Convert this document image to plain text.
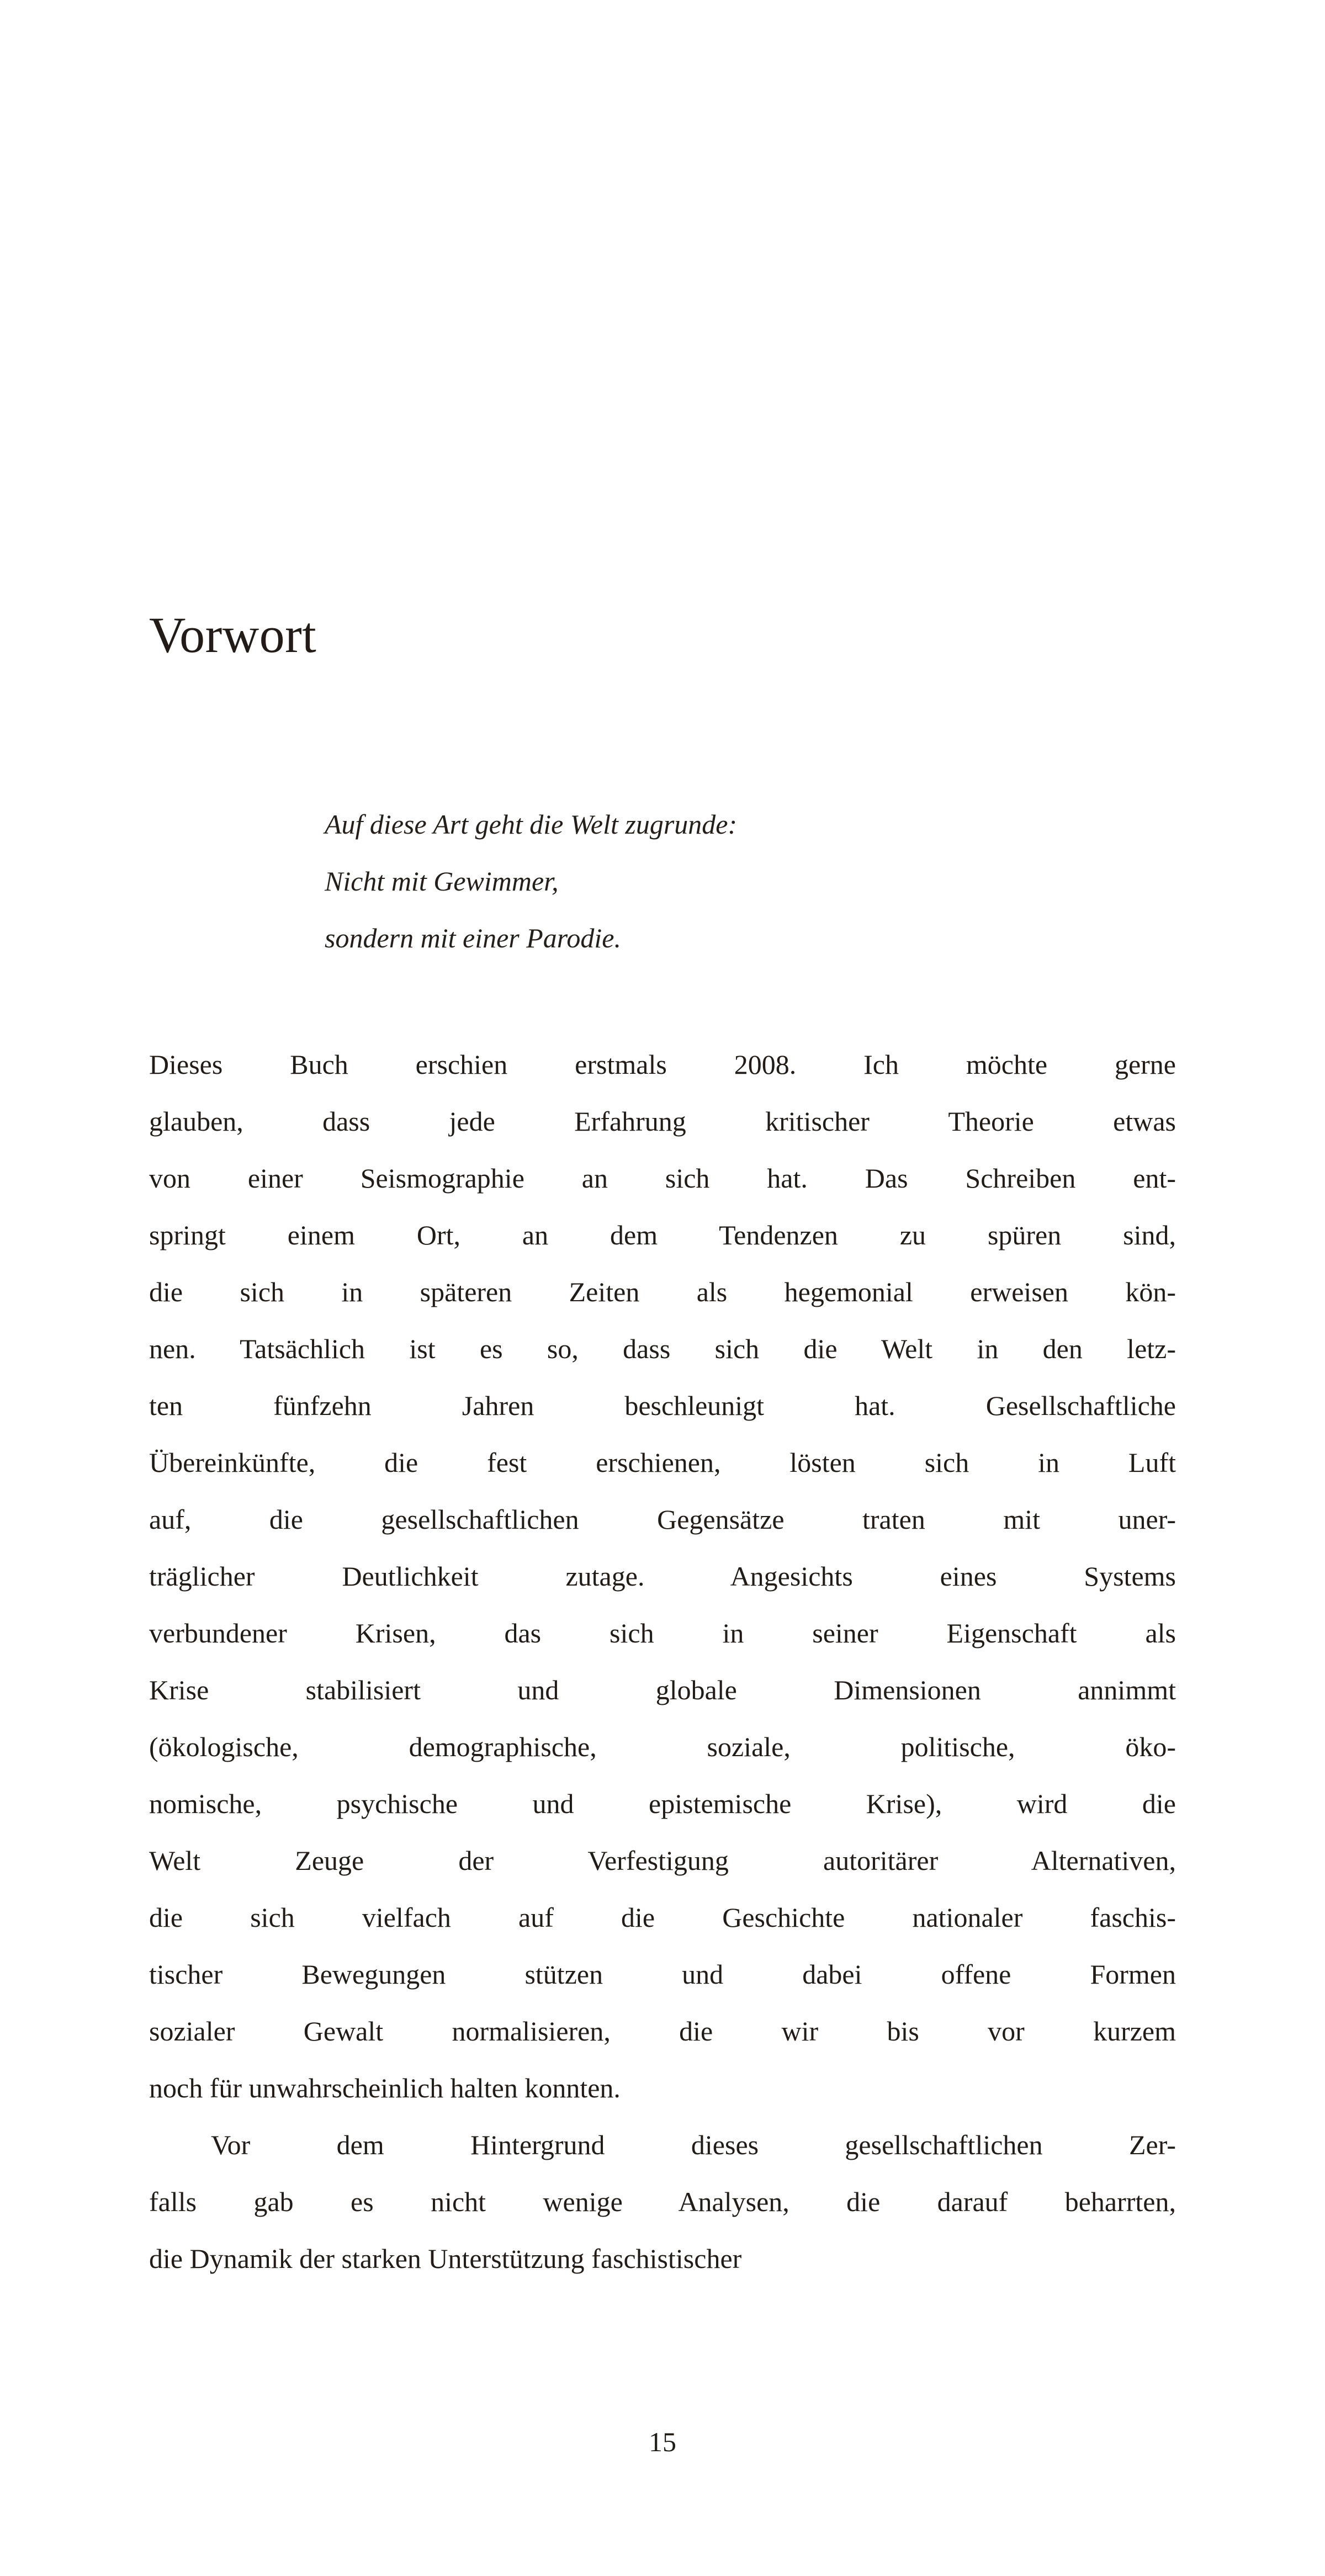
Vorwort
Auf diese Art geht die Welt zugrunde:
Nicht mit Gewimmer,
sondern mit einer Parodie.
Dieses Buch erschien erstmals 2008. Ich möchte gerne
glauben, dass jede Erfahrung kritischer Theorie etwas
von einer Seismographie an sich hat. Das Schreiben ent-
springt einem Ort, an dem Tendenzen zu spüren sind,
die sich in späteren Zeiten als hegemonial erweisen kön-
nen. Tatsächlich ist es so, dass sich die Welt in den letz-
ten fünfzehn Jahren beschleunigt hat. Gesellschaftliche
Übereinkünfte, die fest erschienen, lösten sich in Luft
auf, die gesellschaftlichen Gegensätze traten mit uner-
träglicher Deutlichkeit zutage. Angesichts eines Systems
verbundener Krisen, das sich in seiner Eigenschaft als
Krise stabilisiert und globale Dimensionen annimmt
(ökologische, demographische, soziale, politische, öko-
nomische, psychische und epistemische Krise), wird die
Welt Zeuge der Verfestigung autoritärer Alternativen,
die sich vielfach auf die Geschichte nationaler faschis-
tischer Bewegungen stützen und dabei offene Formen
sozialer Gewalt normalisieren, die wir bis vor kurzem
noch für unwahrscheinlich halten konnten.
Vor dem Hintergrund dieses gesellschaftlichen Zer-
falls gab es nicht wenige Analysen, die darauf beharrten,
die Dynamik der starken Unterstützung faschistischer
15
